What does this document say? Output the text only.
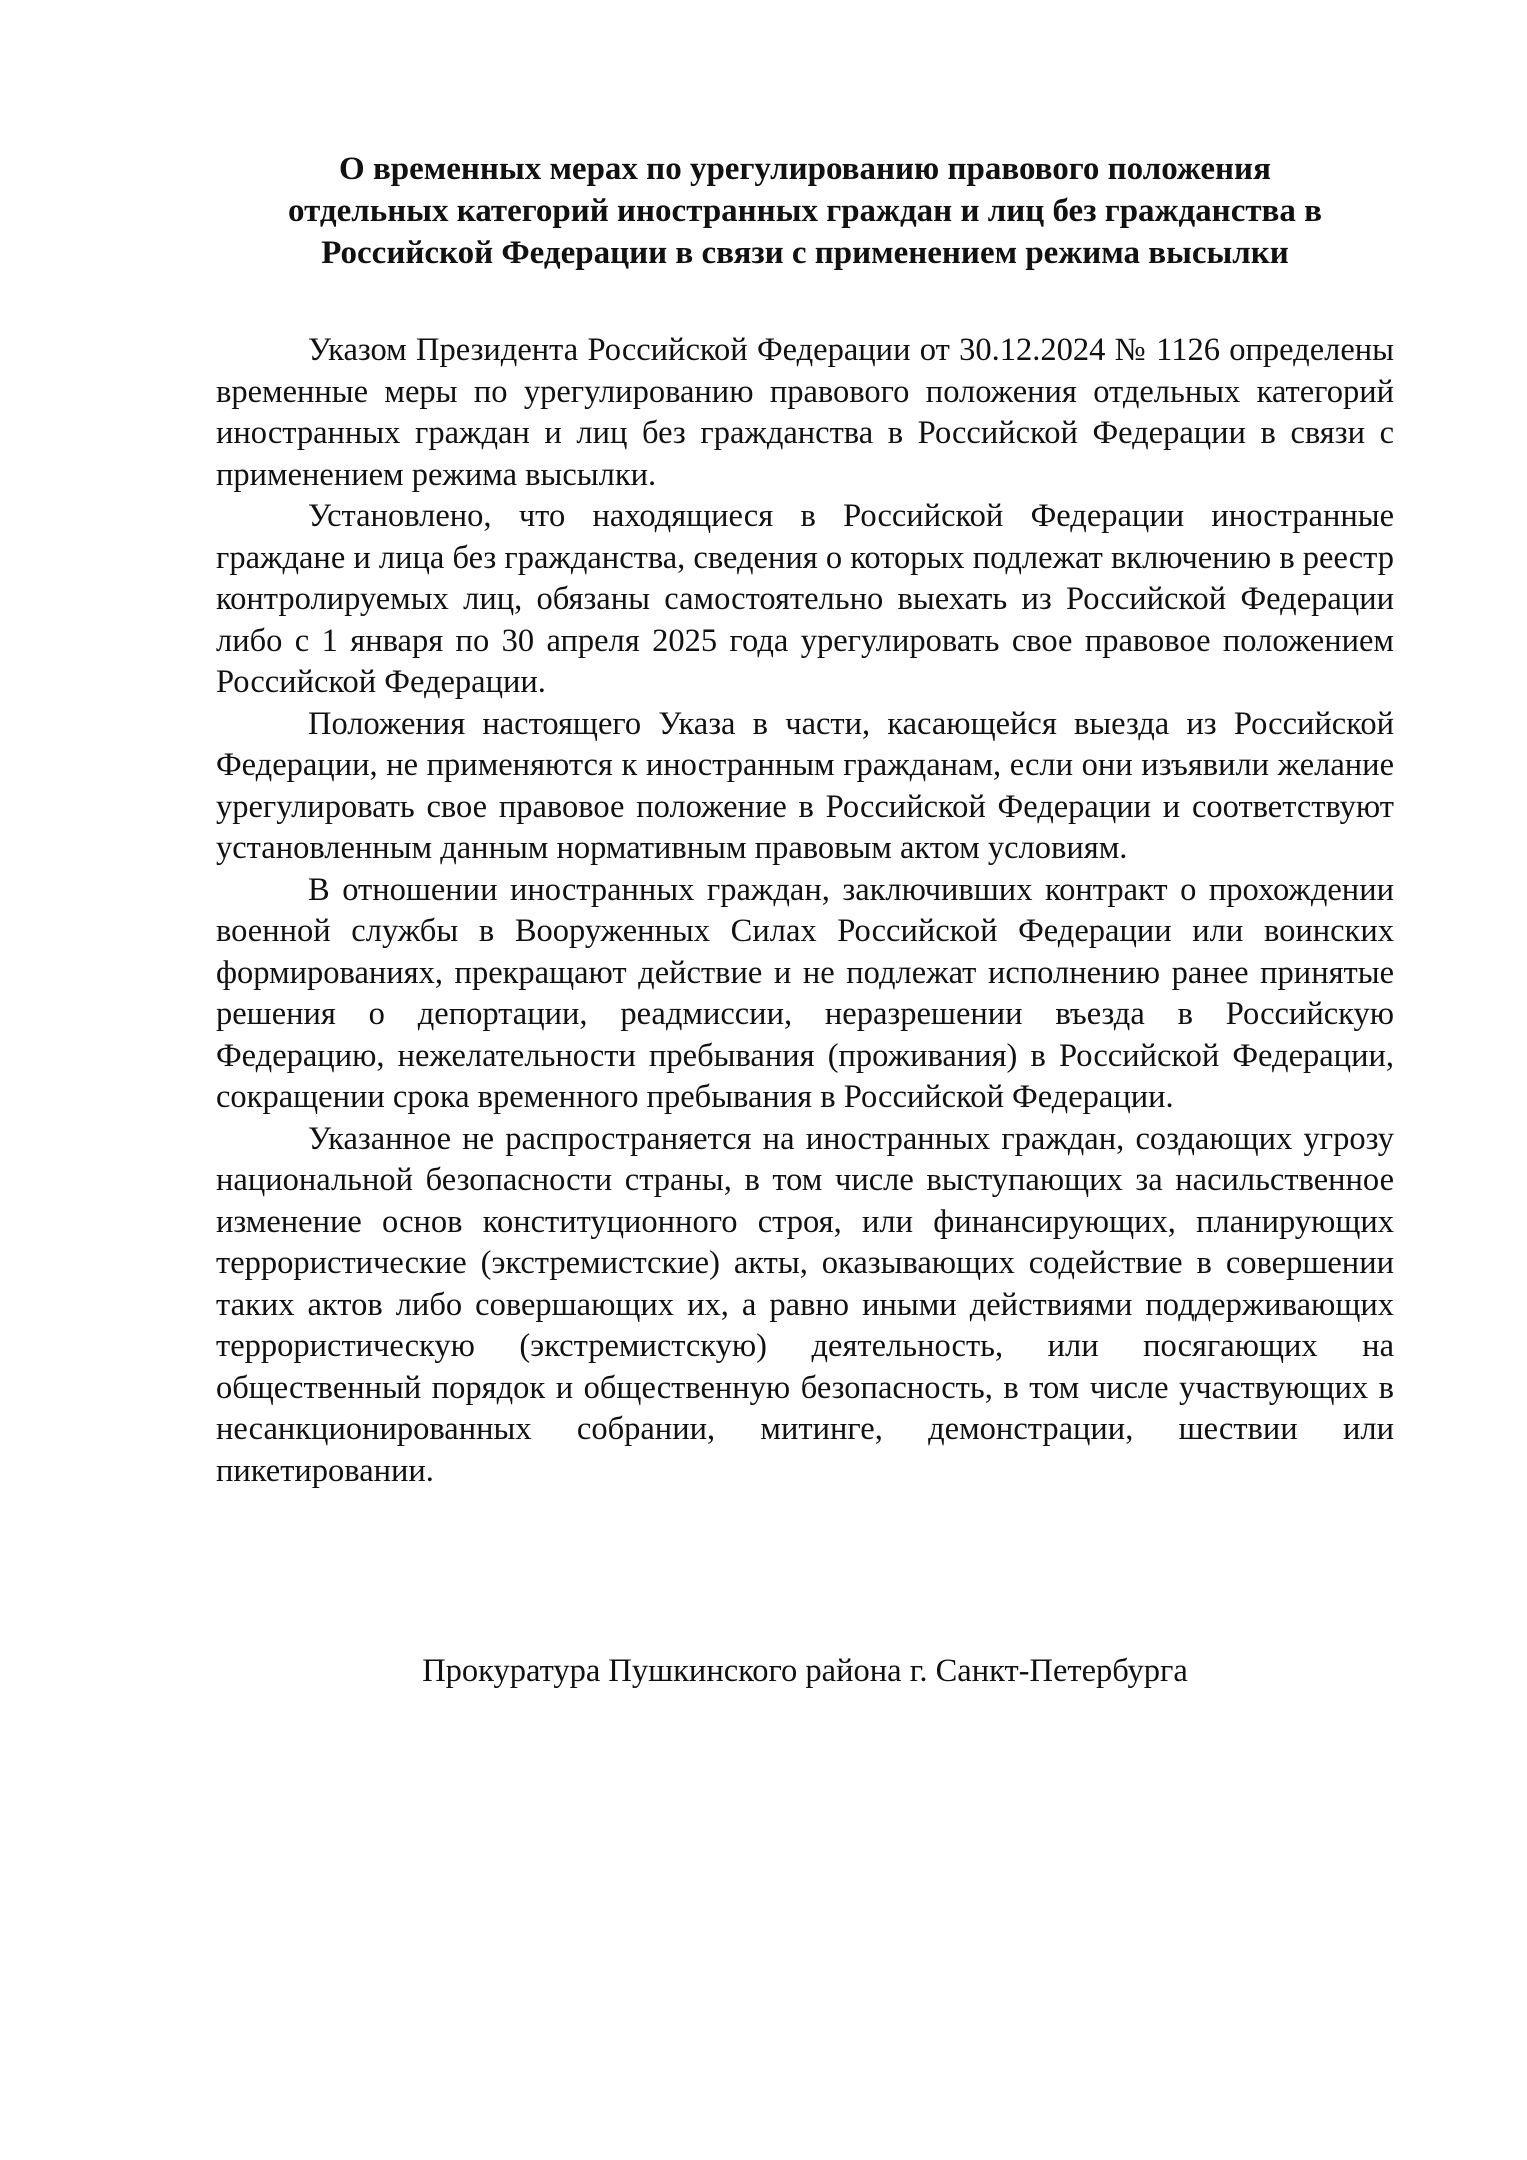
О временных мерах по урегулированию правового положения
отдельных категорий иностранных граждан и лиц без гражданства в
Российской Федерации в связи с применением режима высылки

Указом Президента Российской Федерации от 30.12.2024 № 1126 определены временные меры по урегулированию правового положения отдельных категорий иностранных граждан и лиц без гражданства в Российской Федерации в связи с применением режима высылки.

Установлено, что находящиеся в Российской Федерации иностранные граждане и лица без гражданства, сведения о которых подлежат включению в реестр контролируемых лиц, обязаны самостоятельно выехать из Российской Федерации либо с 1 января по 30 апреля 2025 года урегулировать свое правовое положением Российской Федерации.

Положения настоящего Указа в части, касающейся выезда из Российской Федерации, не применяются к иностранным гражданам, если они изъявили желание урегулировать свое правовое положение в Российской Федерации и соответствуют установленным данным нормативным правовым актом условиям.

В отношении иностранных граждан, заключивших контракт о прохождении военной службы в Вооруженных Силах Российской Федерации или воинских формированиях, прекращают действие и не подлежат исполнению ранее принятые решения о депортации, реадмиссии, неразрешении въезда в Российскую Федерацию, нежелательности пребывания (проживания) в Российской Федерации, сокращении срока временного пребывания в Российской Федерации.

Указанное не распространяется на иностранных граждан, создающих угрозу национальной безопасности страны, в том числе выступающих за насильственное изменение основ конституционного строя, или финансирующих, планирующих террористические (экстремистские) акты, оказывающих содействие в совершении таких актов либо совершающих их, а равно иными действиями поддерживающих террористическую (экстремистскую) деятельность, или посягающих на общественный порядок и общественную безопасность, в том числе участвующих в несанкционированных собрании, митинге, демонстрации, шествии или пикетировании.

Прокуратура Пушкинского района г. Санкт-Петербурга
